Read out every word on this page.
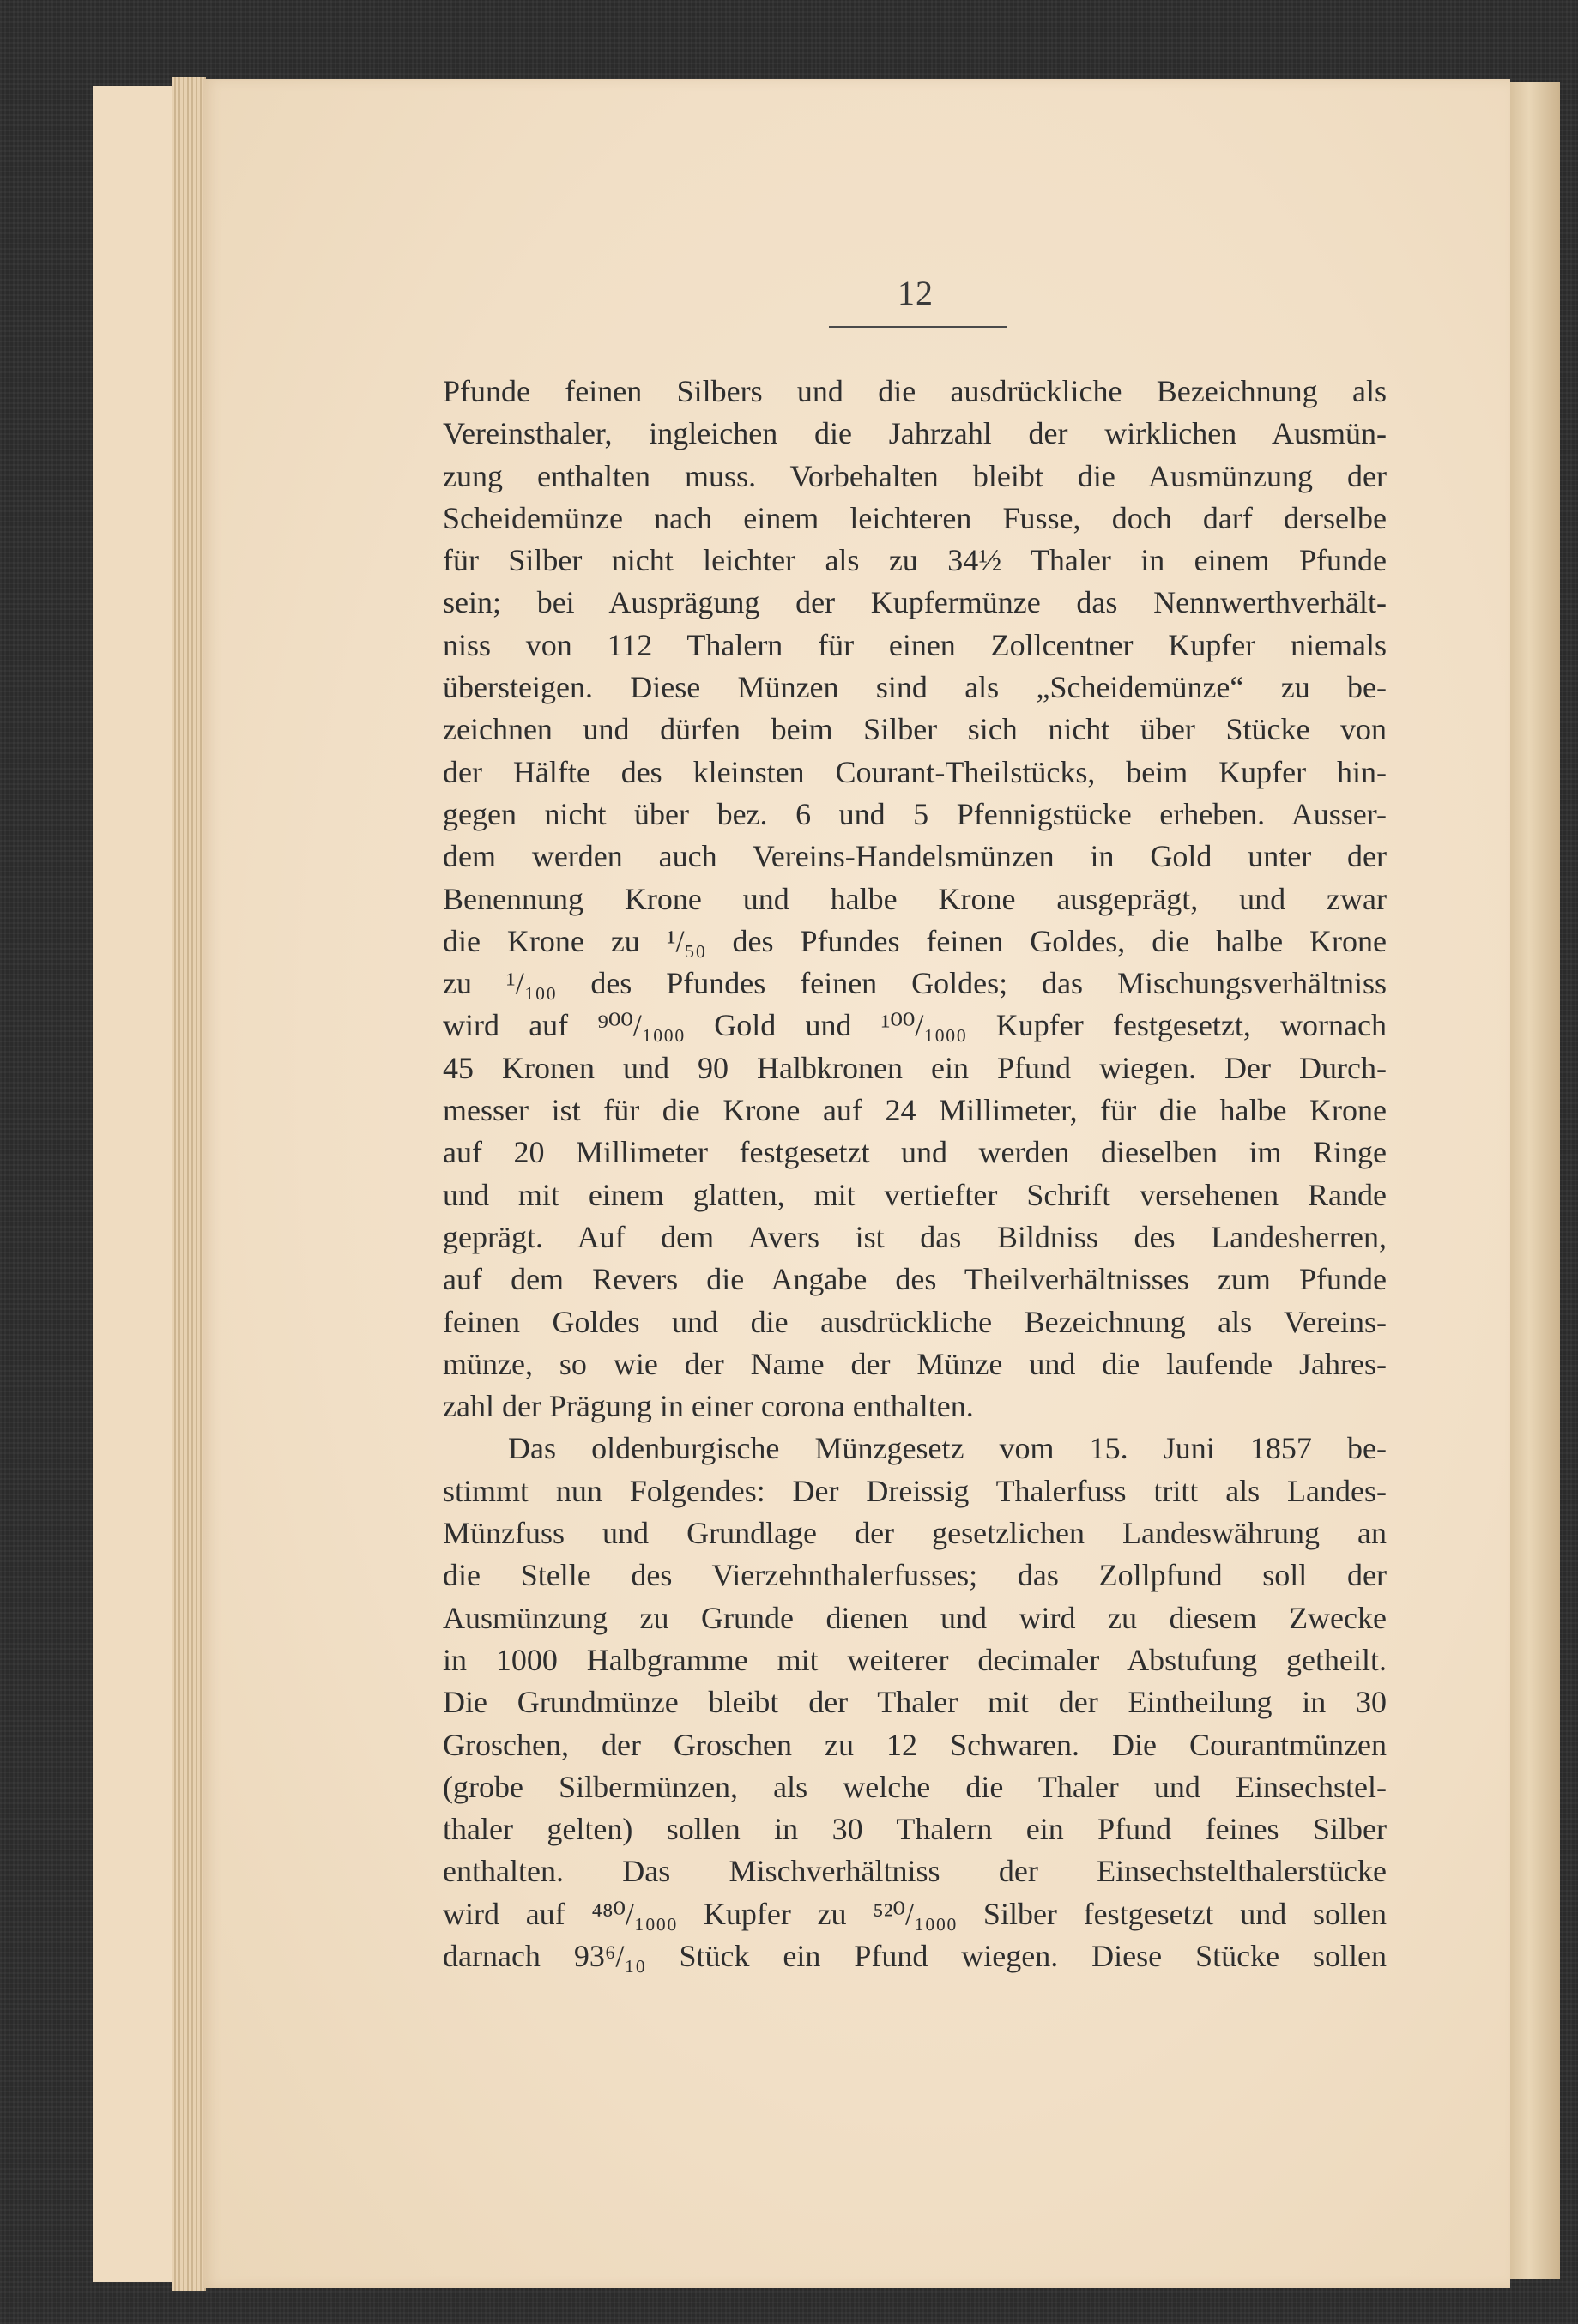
12
Pfunde feinen Silbers und die ausdrückliche Bezeichnung als
Vereinsthaler, ingleichen die Jahrzahl der wirklichen Ausmün-
zung enthalten muss. Vorbehalten bleibt die Ausmünzung der
Scheidemünze nach einem leichteren Fusse, doch darf derselbe
für Silber nicht leichter als zu 34½ Thaler in einem Pfunde
sein; bei Ausprägung der Kupfermünze das Nennwerthverhält-
niss von 112 Thalern für einen Zollcentner Kupfer niemals
übersteigen. Diese Münzen sind als „Scheidemünze“ zu be-
zeichnen und dürfen beim Silber sich nicht über Stücke von
der Hälfte des kleinsten Courant-Theilstücks, beim Kupfer hin-
gegen nicht über bez. 6 und 5 Pfennigstücke erheben. Ausser-
dem werden auch Vereins-Handelsmünzen in Gold unter der
Benennung Krone und halbe Krone ausgeprägt, und zwar
die Krone zu ¹/₅₀ des Pfundes feinen Goldes, die halbe Krone
zu ¹/₁₀₀ des Pfundes feinen Goldes; das Mischungsverhältniss
wird auf ⁹⁰⁰/₁₀₀₀ Gold und ¹⁰⁰/₁₀₀₀ Kupfer festgesetzt, wornach
45 Kronen und 90 Halbkronen ein Pfund wiegen. Der Durch-
messer ist für die Krone auf 24 Millimeter, für die halbe Krone
auf 20 Millimeter festgesetzt und werden dieselben im Ringe
und mit einem glatten, mit vertiefter Schrift versehenen Rande
geprägt. Auf dem Avers ist das Bildniss des Landesherren,
auf dem Revers die Angabe des Theilverhältnisses zum Pfunde
feinen Goldes und die ausdrückliche Bezeichnung als Vereins-
münze, so wie der Name der Münze und die laufende Jahres-
zahl der Prägung in einer corona enthalten.
Das oldenburgische Münzgesetz vom 15. Juni 1857 be-
stimmt nun Folgendes: Der Dreissig Thalerfuss tritt als Landes-
Münzfuss und Grundlage der gesetzlichen Landeswährung an
die Stelle des Vierzehnthalerfusses; das Zollpfund soll der
Ausmünzung zu Grunde dienen und wird zu diesem Zwecke
in 1000 Halbgramme mit weiterer decimaler Abstufung getheilt.
Die Grundmünze bleibt der Thaler mit der Eintheilung in 30
Groschen, der Groschen zu 12 Schwaren. Die Courantmünzen
(grobe Silbermünzen, als welche die Thaler und Einsechstel-
thaler gelten) sollen in 30 Thalern ein Pfund feines Silber
enthalten. Das Mischverhältniss der Einsechstelthalerstücke
wird auf ⁴⁸⁰/₁₀₀₀ Kupfer zu ⁵²⁰/₁₀₀₀ Silber festgesetzt und sollen
darnach 93⁶/₁₀ Stück ein Pfund wiegen. Diese Stücke sollen
